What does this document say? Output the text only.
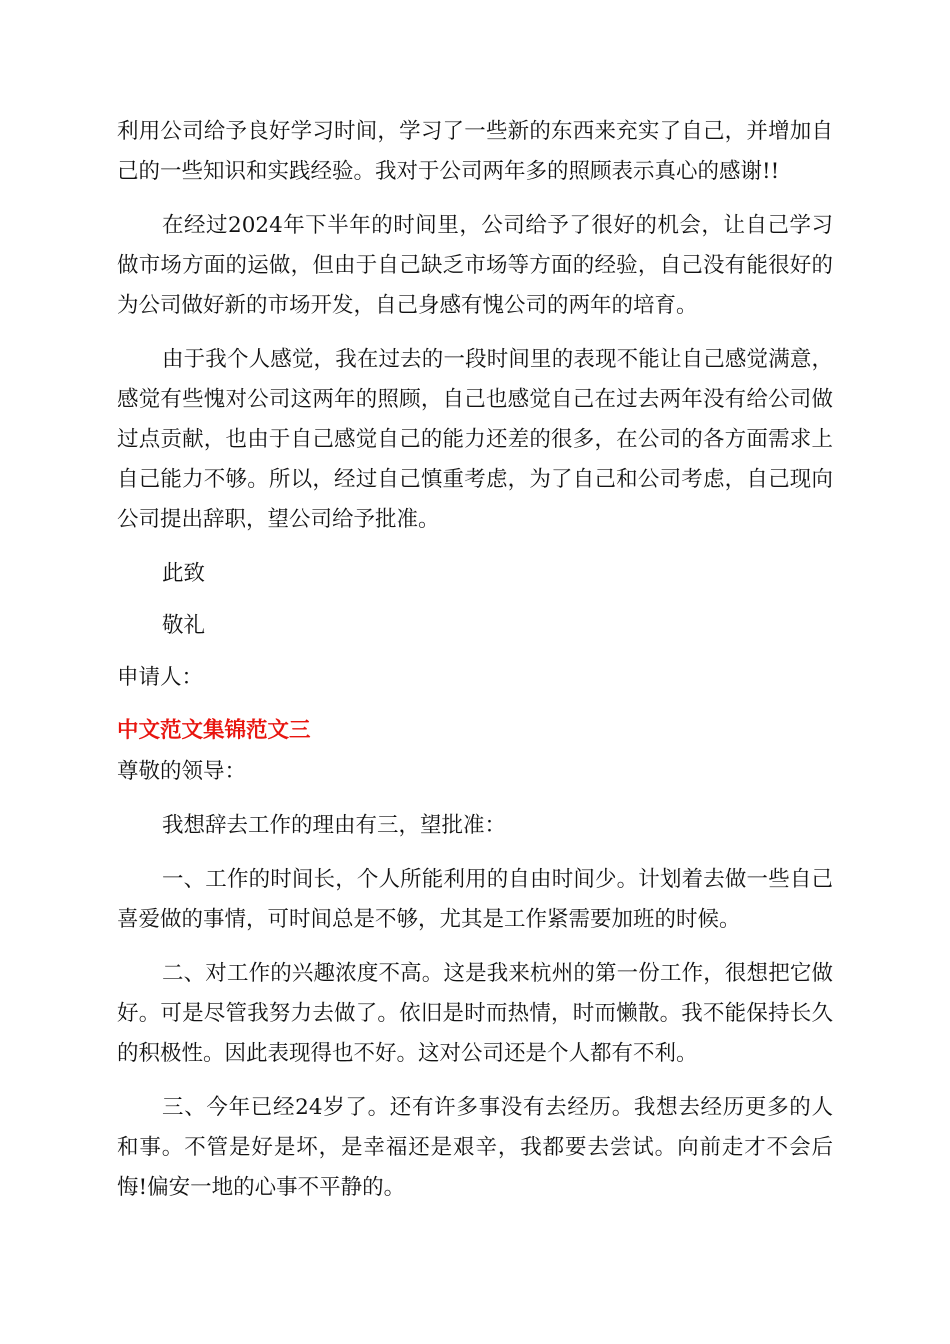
利用公司给予良好学习时间，学习了一些新的东西来充实了自己，并增加自己的一些知识和实践经验。我对于公司两年多的照顾表示真心的感谢!!

在经过2024年下半年的时间里，公司给予了很好的机会，让自己学习做市场方面的运做，但由于自己缺乏市场等方面的经验，自己没有能很好的为公司做好新的市场开发，自己身感有愧公司的两年的培育。

由于我个人感觉，我在过去的一段时间里的表现不能让自己感觉满意，感觉有些愧对公司这两年的照顾，自己也感觉自己在过去两年没有给公司做过点贡献，也由于自己感觉自己的能力还差的很多，在公司的各方面需求上自己能力不够。所以，经过自己慎重考虑，为了自己和公司考虑，自己现向公司提出辞职，望公司给予批准。

此致

敬礼

申请人：

中文范文集锦范文三

尊敬的领导：

我想辞去工作的理由有三，望批准：

一、工作的时间长，个人所能利用的自由时间少。计划着去做一些自己喜爱做的事情，可时间总是不够，尤其是工作紧需要加班的时候。

二、对工作的兴趣浓度不高。这是我来杭州的第一份工作，很想把它做好。可是尽管我努力去做了。依旧是时而热情，时而懒散。我不能保持长久的积极性。因此表现得也不好。这对公司还是个人都有不利。

三、今年已经24岁了。还有许多事没有去经历。我想去经历更多的人和事。不管是好是坏，是幸福还是艰辛，我都要去尝试。向前走才不会后悔!偏安一地的心事不平静的。
